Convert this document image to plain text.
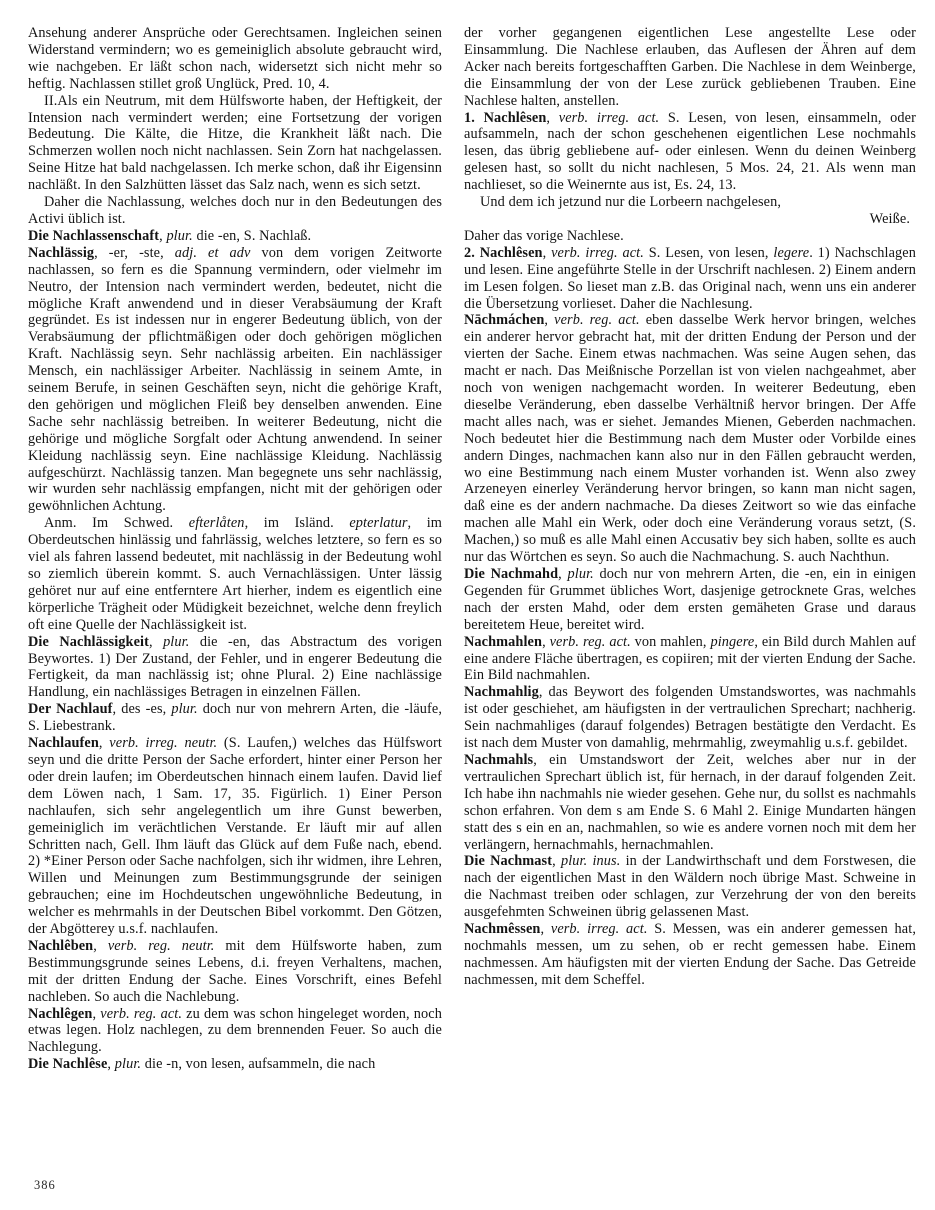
Ansehung anderer Ansprüche oder Gerechtsamen. Ingleichen seinen Widerstand vermindern; wo es gemeiniglich absolute gebraucht wird, wie nachgeben. Er läßt schon nach, widersetzt sich nicht mehr so heftig. Nachlassen stillet groß Unglück, Pred. 10, 4.

II.Als ein Neutrum, mit dem Hülfsworte haben, der Heftigkeit, der Intension nach vermindert werden; eine Fortsetzung der vorigen Bedeutung. Die Kälte, die Hitze, die Krankheit läßt nach. Die Schmerzen wollen noch nicht nachlassen. Sein Zorn hat nachgelassen. Seine Hitze hat bald nachgelassen. Ich merke schon, daß ihr Eigensinn nachläßt. In den Salzhütten lässet das Salz nach, wenn es sich setzt.

Daher die Nachlassung, welches doch nur in den Bedeutungen des Activi üblich ist.

Die Nachlassenschaft, plur. die -en, S. Nachlaß.

Nachlässig, -er, -ste, adj. et adv von dem vorigen Zeitworte nachlassen, so fern es die Spannung vermindern, oder vielmehr im Neutro, der Intension nach vermindert werden, bedeutet, nicht die mögliche Kraft anwendend und in dieser Verabsäumung der Kraft gegründet. Es ist indessen nur in engerer Bedeutung üblich, von der Verabsäumung der pflichtmäßigen oder doch gehörigen möglichen Kraft. Nachlässig seyn. Sehr nachlässig arbeiten. Ein nachlässiger Mensch, ein nachlässiger Arbeiter. Nachlässig in seinem Amte, in seinem Berufe, in seinen Geschäften seyn, nicht die gehörige Kraft, den gehörigen und möglichen Fleiß bey denselben anwenden. Eine Sache sehr nachlässig betreiben. In weiterer Bedeutung, nicht die gehörige und mögliche Sorgfalt oder Achtung anwendend. In seiner Kleidung nachlässig seyn. Eine nachlässige Kleidung. Nachlässig aufgeschürzt. Nachlässig tanzen. Man begegnete uns sehr nachlässig, wir wurden sehr nachlässig empfangen, nicht mit der gehörigen oder gewöhnlichen Achtung.

Anm. Im Schwed. efterlåten, im Isländ. epterlatur, im Oberdeutschen hinlässig und fahrlässig, welches letztere, so fern es so viel als fahren lassend bedeutet, mit nachlässig in der Bedeutung wohl so ziemlich überein kommt. S. auch Vernachlässigen. Unter lässig gehöret nur auf eine entferntere Art hierher, indem es eigentlich eine körperliche Trägheit oder Müdigkeit bezeichnet, welche denn freylich oft eine Quelle der Nachlässigkeit ist.

Die Nachlässigkeit, plur. die -en, das Abstractum des vorigen Beywortes. 1) Der Zustand, der Fehler, und in engerer Bedeutung die Fertigkeit, da man nachlässig ist; ohne Plural. 2) Eine nachlässige Handlung, ein nachlässiges Betragen in einzelnen Fällen.

Der Nachlauf, des -es, plur. doch nur von mehrern Arten, die -läufe, S. Liebestrank.

Nachlaufen, verb. irreg. neutr. (S. Laufen,) welches das Hülfswort seyn und die dritte Person der Sache erfordert, hinter einer Person her oder drein laufen; im Oberdeutschen hinnach einem laufen. David lief dem Löwen nach, 1 Sam. 17, 35. Figürlich. 1) Einer Person nachlaufen, sich sehr angelegentlich um ihre Gunst bewerben, gemeiniglich im verächtlichen Verstande. Er läuft mir auf allen Schritten nach, Gell. Ihm läuft das Glück auf dem Fuße nach, ebend. 2) *Einer Person oder Sache nachfolgen, sich ihr widmen, ihre Lehren, Willen und Meinungen zum Bestimmungsgrunde der seinigen gebrauchen; eine im Hochdeutschen ungewöhnliche Bedeutung, in welcher es mehrmahls in der Deutschen Bibel vorkommt. Den Götzen, der Abgötterey u.s.f. nachlaufen.

Nachlêben, verb. reg. neutr. mit dem Hülfsworte haben, zum Bestimmungsgrunde seines Lebens, d.i. freyen Verhaltens, machen, mit der dritten Endung der Sache. Eines Vorschrift, eines Befehl nachleben. So auch die Nachlebung.

Nachlêgen, verb. reg. act. zu dem was schon hingeleget worden, noch etwas legen. Holz nachlegen, zu dem brennenden Feuer. So auch die Nachlegung.

Die Nachlêse, plur. die -n, von lesen, aufsammeln, die nach

der vorher gegangenen eigentlichen Lese angestellte Lese oder Einsammlung. Die Nachlese erlauben, das Auflesen der Ähren auf dem Acker nach bereits fortgeschafften Garben. Die Nachlese in dem Weinberge, die Einsammlung der von der Lese zurück gebliebenen Trauben. Eine Nachlese halten, anstellen.

1. Nachlêsen, verb. irreg. act. S. Lesen, von lesen, einsammeln, oder aufsammeln, nach der schon geschehenen eigentlichen Lese nochmahls lesen, das übrig gebliebene auf- oder einlesen. Wenn du deinen Weinberg gelesen hast, so sollt du nicht nachlesen, 5 Mos. 24, 21. Als wenn man nachlieset, so die Weinernte aus ist, Es. 24, 13.

Und dem ich jetzund nur die Lorbeern nachgelesen,

Weiße.

Daher das vorige Nachlese.

2. Nachlêsen, verb. irreg. act. S. Lesen, von lesen, legere. 1) Nachschlagen und lesen. Eine angeführte Stelle in der Urschrift nachlesen. 2) Einem andern im Lesen folgen. So lieset man z.B. das Original nach, wenn uns ein anderer die Übersetzung vorlieset. Daher die Nachlesung.

Nāchmáchen, verb. reg. act. eben dasselbe Werk hervor bringen, welches ein anderer hervor gebracht hat, mit der dritten Endung der Person und der vierten der Sache. Einem etwas nachmachen. Was seine Augen sehen, das macht er nach. Das Meißnische Porzellan ist von vielen nachgeahmet, aber noch von wenigen nachgemacht worden. In weiterer Bedeutung, eben dieselbe Veränderung, eben dasselbe Verhältniß hervor bringen. Der Affe macht alles nach, was er siehet. Jemandes Mienen, Geberden nachmachen. Noch bedeutet hier die Bestimmung nach dem Muster oder Vorbilde eines andern Dinges, nachmachen kann also nur in den Fällen gebraucht werden, wo eine Bestimmung nach einem Muster vorhanden ist. Wenn also zwey Arzeneyen einerley Veränderung hervor bringen, so kann man nicht sagen, daß eine es der andern nachmache. Da dieses Zeitwort so wie das einfache machen alle Mahl ein Werk, oder doch eine Veränderung voraus setzt, (S. Machen,) so muß es alle Mahl einen Accusativ bey sich haben, sollte es auch nur das Wörtchen es seyn. So auch die Nachmachung. S. auch Nachthun.

Die Nachmahd, plur. doch nur von mehrern Arten, die -en, ein in einigen Gegenden für Grummet übliches Wort, dasjenige getrocknete Gras, welches nach der ersten Mahd, oder dem ersten gemäheten Grase und daraus bereitetem Heue, bereitet wird.

Nachmahlen, verb. reg. act. von mahlen, pingere, ein Bild durch Mahlen auf eine andere Fläche übertragen, es copiiren; mit der vierten Endung der Sache. Ein Bild nachmahlen.

Nachmahlig, das Beywort des folgenden Umstandswortes, was nachmahls ist oder geschiehet, am häufigsten in der vertraulichen Sprechart; nachherig. Sein nachmahliges (darauf folgendes) Betragen bestätigte den Verdacht. Es ist nach dem Muster von damahlig, mehrmahlig, zweymahlig u.s.f. gebildet.

Nachmahls, ein Umstandswort der Zeit, welches aber nur in der vertraulichen Sprechart üblich ist, für hernach, in der darauf folgenden Zeit. Ich habe ihn nachmahls nie wieder gesehen. Gehe nur, du sollst es nachmahls schon erfahren. Von dem s am Ende S. 6 Mahl 2. Einige Mundarten hängen statt des s ein en an, nachmahlen, so wie es andere vornen noch mit dem her verlängern, hernachmahls, hernachmahlen.

Die Nachmast, plur. inus. in der Landwirthschaft und dem Forstwesen, die nach der eigentlichen Mast in den Wäldern noch übrige Mast. Schweine in die Nachmast treiben oder schlagen, zur Verzehrung der von den bereits ausgefehmten Schweinen übrig gelassenen Mast.

Nachmêssen, verb. irreg. act. S. Messen, was ein anderer gemessen hat, nochmahls messen, um zu sehen, ob er recht gemessen habe. Einem nachmessen. Am häufigsten mit der vierten Endung der Sache. Das Getreide nachmessen, mit dem Scheffel.

386
